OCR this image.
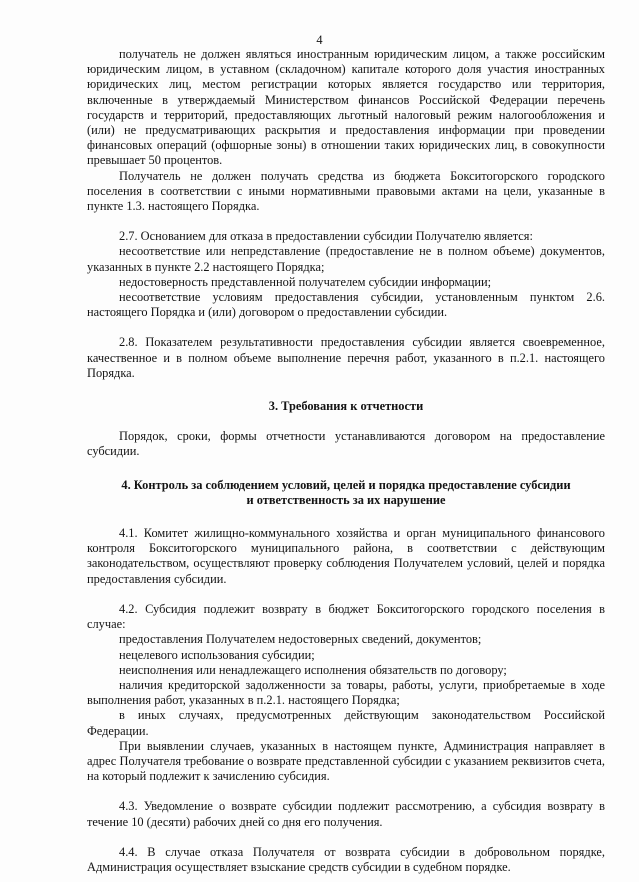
4

получатель не должен являться иностранным юридическим лицом, а также российским юридическим лицом, в уставном (складочном) капитале которого доля участия иностранных юридических лиц, местом регистрации которых является государство или территория, включенные в утверждаемый Министерством финансов Российской Федерации перечень государств и территорий, предоставляющих льготный налоговый режим налогообложения и (или) не предусматривающих раскрытия и предоставления информации при проведении финансовых операций (офшорные зоны) в отношении таких юридических лиц, в совокупности превышает 50 процентов.

Получатель не должен получать средства из бюджета Бокситогорского городского поселения в соответствии с иными нормативными правовыми актами на цели, указанные в пункте 1.3. настоящего Порядка.

2.7. Основанием для отказа в предоставлении субсидии Получателю является:

несоответствие или непредставление (предоставление не в полном объеме) документов, указанных в пункте 2.2 настоящего Порядка;

недостоверность представленной получателем субсидии информации;

несоответствие условиям предоставления субсидии, установленным пунктом 2.6. настоящего Порядка и (или) договором о предоставлении субсидии.

2.8. Показателем результативности предоставления субсидии является своевременное, качественное и в полном объеме выполнение перечня работ, указанного в п.2.1. настоящего Порядка.

3. Требования к отчетности

Порядок, сроки, формы отчетности устанавливаются договором на предоставление субсидии.

4. Контроль за соблюдением условий, целей и порядка предоставление субсидии

и ответственность за их нарушение

4.1. Комитет жилищно-коммунального хозяйства и орган муниципального финансового контроля Бокситогорского муниципального района, в соответствии с действующим законодательством, осуществляют проверку соблюдения Получателем условий, целей и порядка предоставления субсидии.

4.2. Субсидия подлежит возврату в бюджет Бокситогорского городского поселения в случае:

предоставления Получателем недостоверных сведений, документов;

нецелевого использования субсидии;

неисполнения или ненадлежащего исполнения обязательств по договору;

наличия кредиторской задолженности за товары, работы, услуги, приобретаемые в ходе выполнения работ, указанных в п.2.1. настоящего Порядка;

в иных случаях, предусмотренных действующим законодательством Российской Федерации.

При выявлении случаев, указанных в настоящем пункте, Администрация направляет в адрес Получателя требование о возврате представленной субсидии с указанием реквизитов счета, на который подлежит к зачислению субсидия.

4.3. Уведомление о возврате субсидии подлежит рассмотрению, а субсидия возврату в течение 10 (десяти) рабочих дней со дня его получения.

4.4. В случае отказа Получателя от возврата субсидии в добровольном порядке, Администрация осуществляет взыскание средств субсидии в судебном порядке.
